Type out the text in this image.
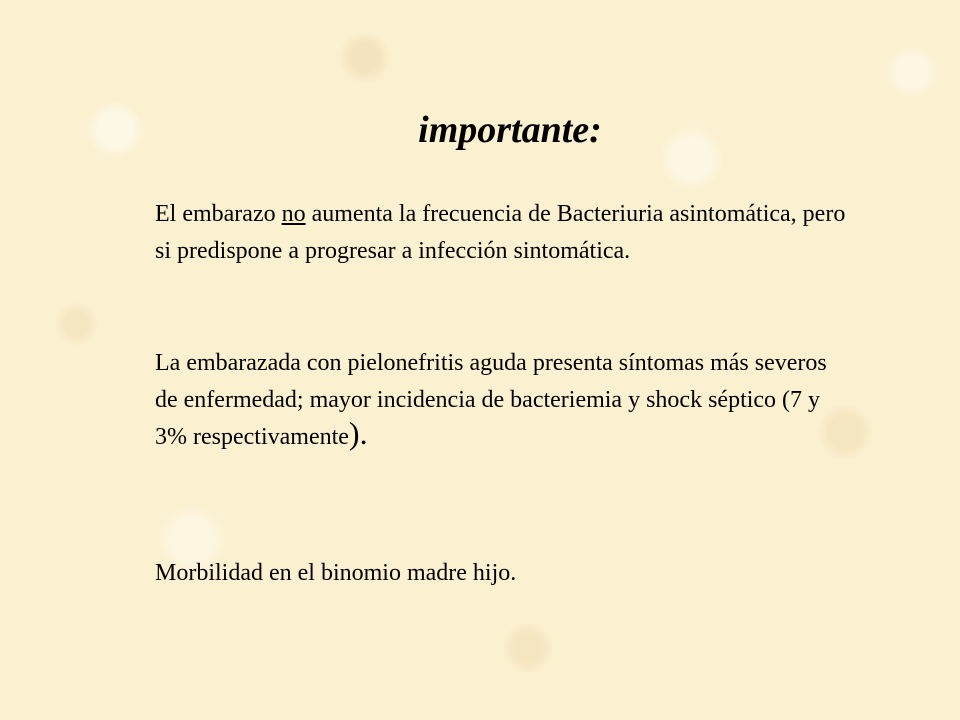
importante:

El embarazo no aumenta la frecuencia de Bacteriuria asintomática, pero si predispone a progresar a infección sintomática.

La embarazada con pielonefritis aguda presenta síntomas más severos de enfermedad; mayor incidencia de bacteriemia y shock séptico (7 y 3% respectivamente).

Morbilidad en el binomio madre hijo.
